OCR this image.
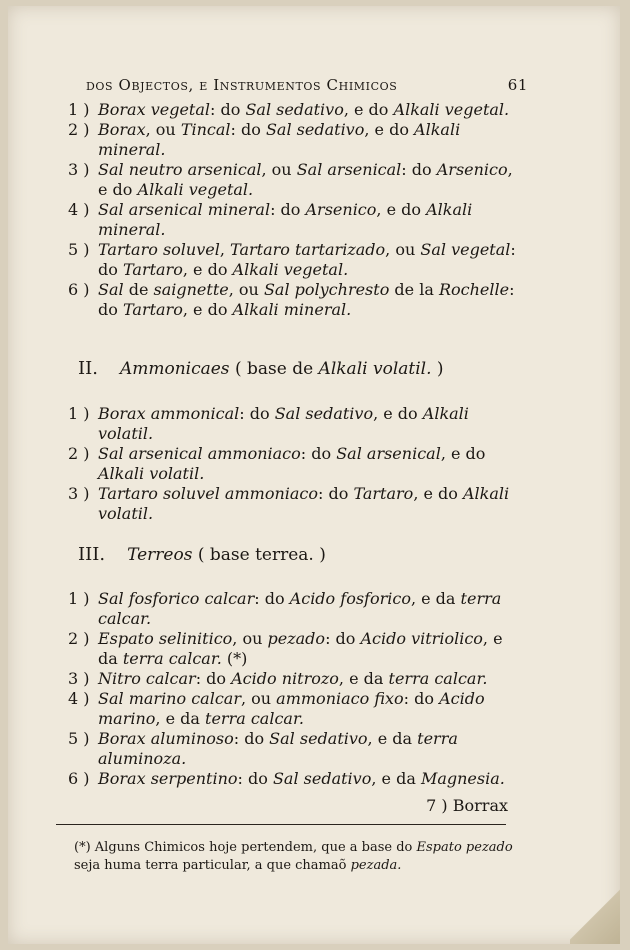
dos Objectos, e Instrumentos Chimicos	61
1 ) Borax vegetal: do Sal sedativo, e do Alkali vegetal.
2 ) Borax, ou Tincal: do Sal sedativo, e do Alkali mineral.
3 ) Sal neutro arsenical, ou Sal arsenical: do Arsenico, e do Alkali vegetal.
4 ) Sal arsenical mineral: do Arsenico, e do Alkali mineral.
5 ) Tartaro soluvel, Tartaro tartarizado, ou Sal vegetal: do Tartaro, e do Alkali vegetal.
6 ) Sal de saignette, ou Sal polychresto de la Rochelle: do Tartaro, e do Alkali mineral.
II. Ammonicaes ( base de Alkali volatil. )
1 ) Borax ammonical: do Sal sedativo, e do Alkali volatil.
2 ) Sal arsenical ammoniaco: do Sal arsenical, e do Alkali volatil.
3 ) Tartaro soluvel ammoniaco: do Tartaro, e do Alkali volatil.
III. Terreos ( base terrea. )
1 ) Sal fosforico calcar: do Acido fosforico, e da terra calcar.
2 ) Espato selinitico, ou pezado: do Acido vitriolico, e da terra calcar. (*)
3 ) Nitro calcar: do Acido nitrozo, e da terra calcar.
4 ) Sal marino calcar, ou ammoniaco fixo: do Acido marino, e da terra calcar.
5 ) Borax aluminoso: do Sal sedativo, e da terra aluminoza.
6 ) Borax serpentino: do Sal sedativo, e da Magnesia.
7 ) Borrax
(*) Alguns Chimicos hoje pertendem, que a base do Espato pezado seja huma terra particular, a que chamaõ pezada.
